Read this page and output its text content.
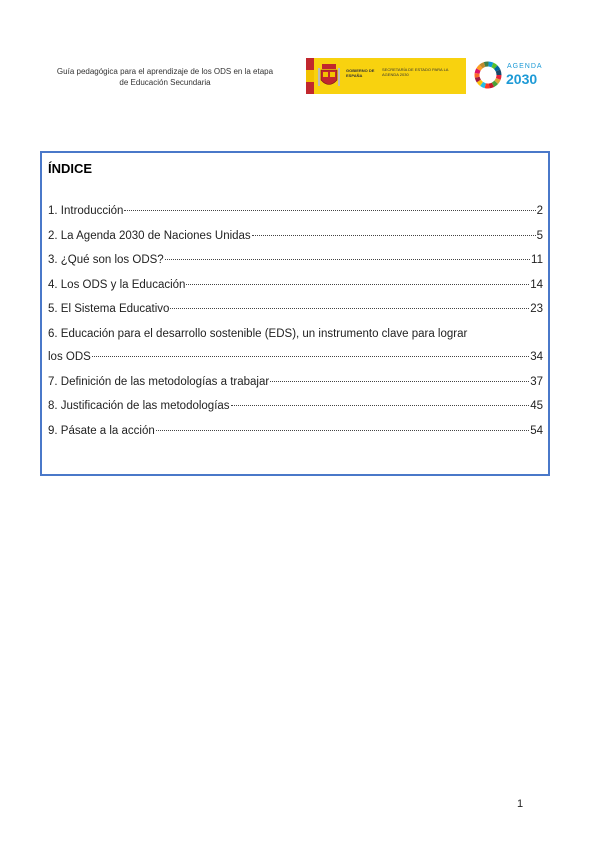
Guía pedagógica para el aprendizaje de los ODS en la etapa
de Educación Secundaria
GOBIERNO DE ESPAÑA
SECRETARÍA DE ESTADO PARA LA AGENDA 2030
AGENDA
2030
ÍNDICE
1. Introducción	2
2. La Agenda 2030 de Naciones Unidas	5
3. ¿Qué son los ODS?	11
4. Los ODS y la Educación	14
5. El Sistema Educativo	23
6. Educación para el desarrollo sostenible (EDS), un instrumento clave para lograr
los ODS	34
7. Definición de las metodologías a trabajar	37
8. Justificación de las metodologías	45
9. Pásate a la acción	54
1
